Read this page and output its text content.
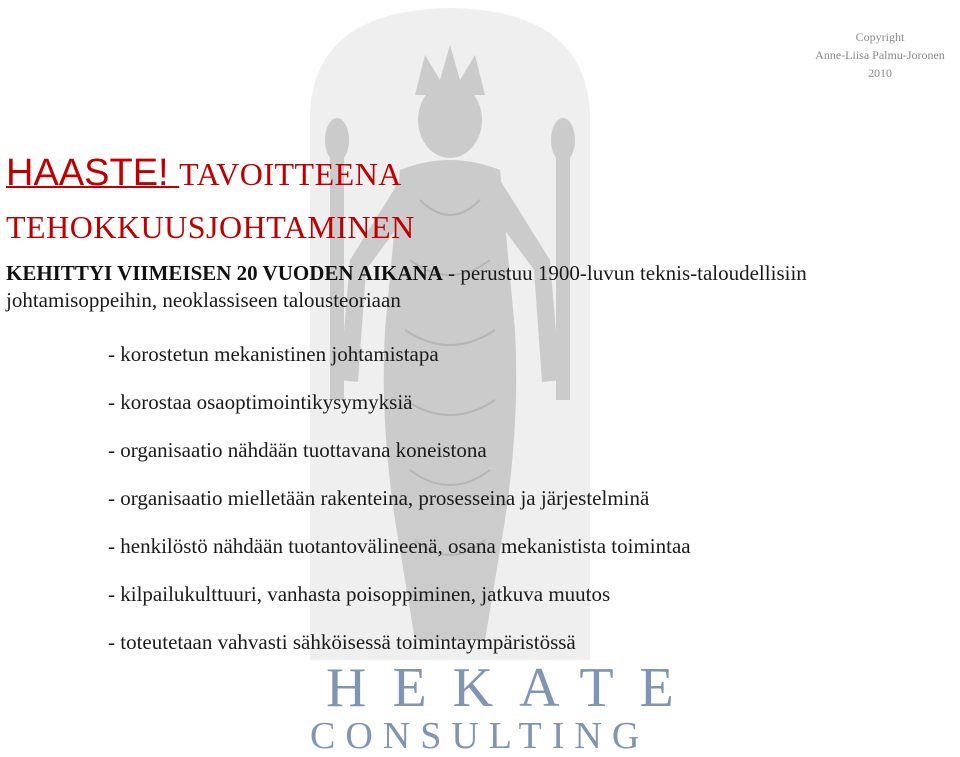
Copyright
Anne-Liisa Palmu-Joronen
2010
HAASTE! TAVOITTEENA
TEHOKKUUSJOHTAMINEN
KEHITTYI VIIMEISEN 20 VUODEN AIKANA - perustuu 1900-luvun teknis-taloudellisiin johtamisoppeihin, neoklassiseen talousteoriaan
- korostetun mekanistinen johtamistapa
- korostaa osaoptimointikysymyksiä
- organisaatio nähdään tuottavana koneistona
- organisaatio mielletään rakenteina, prosesseina ja järjestelminä
- henkilöstö nähdään tuotantovälineenä, osana mekanistista toimintaa
- kilpailukulttuuri, vanhasta poisoppiminen, jatkuva muutos
- toteutetaan vahvasti sähköisessä toimintaympäristössä
HEKATE
CONSULTING
